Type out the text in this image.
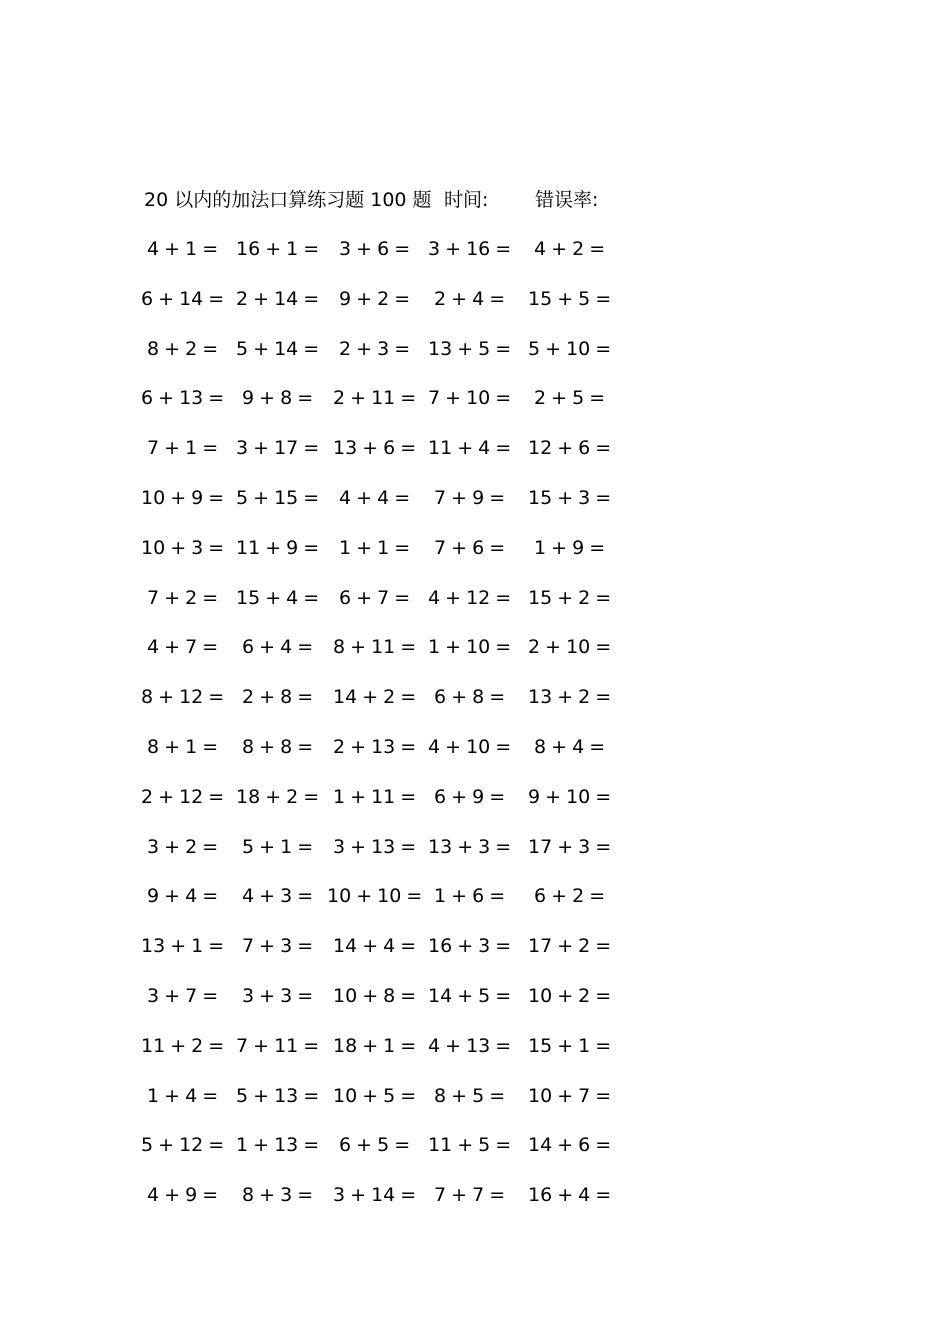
20 以内的加法口算练习题 100 题 时间: 错误率:
4 + 1 = 16 + 1 = 3 + 6 = 3 + 16 = 4 + 2 =
6 + 14 = 2 + 14 = 9 + 2 = 2 + 4 = 15 + 5 =
8 + 2 = 5 + 14 = 2 + 3 = 13 + 5 = 5 + 10 =
6 + 13 = 9 + 8 = 2 + 11 = 7 + 10 = 2 + 5 =
7 + 1 = 3 + 17 = 13 + 6 = 11 + 4 = 12 + 6 =
10 + 9 = 5 + 15 = 4 + 4 = 7 + 9 = 15 + 3 =
10 + 3 = 11 + 9 = 1 + 1 = 7 + 6 = 1 + 9 =
7 + 2 = 15 + 4 = 6 + 7 = 4 + 12 = 15 + 2 =
4 + 7 = 6 + 4 = 8 + 11 = 1 + 10 = 2 + 10 =
8 + 12 = 2 + 8 = 14 + 2 = 6 + 8 = 13 + 2 =
8 + 1 = 8 + 8 = 2 + 13 = 4 + 10 = 8 + 4 =
2 + 12 = 18 + 2 = 1 + 11 = 6 + 9 = 9 + 10 =
3 + 2 = 5 + 1 = 3 + 13 = 13 + 3 = 17 + 3 =
9 + 4 = 4 + 3 = 10 + 10 = 1 + 6 = 6 + 2 =
13 + 1 = 7 + 3 = 14 + 4 = 16 + 3 = 17 + 2 =
3 + 7 = 3 + 3 = 10 + 8 = 14 + 5 = 10 + 2 =
11 + 2 = 7 + 11 = 18 + 1 = 4 + 13 = 15 + 1 =
1 + 4 = 5 + 13 = 10 + 5 = 8 + 5 = 10 + 7 =
5 + 12 = 1 + 13 = 6 + 5 = 11 + 5 = 14 + 6 =
4 + 9 = 8 + 3 = 3 + 14 = 7 + 7 = 16 + 4 =
